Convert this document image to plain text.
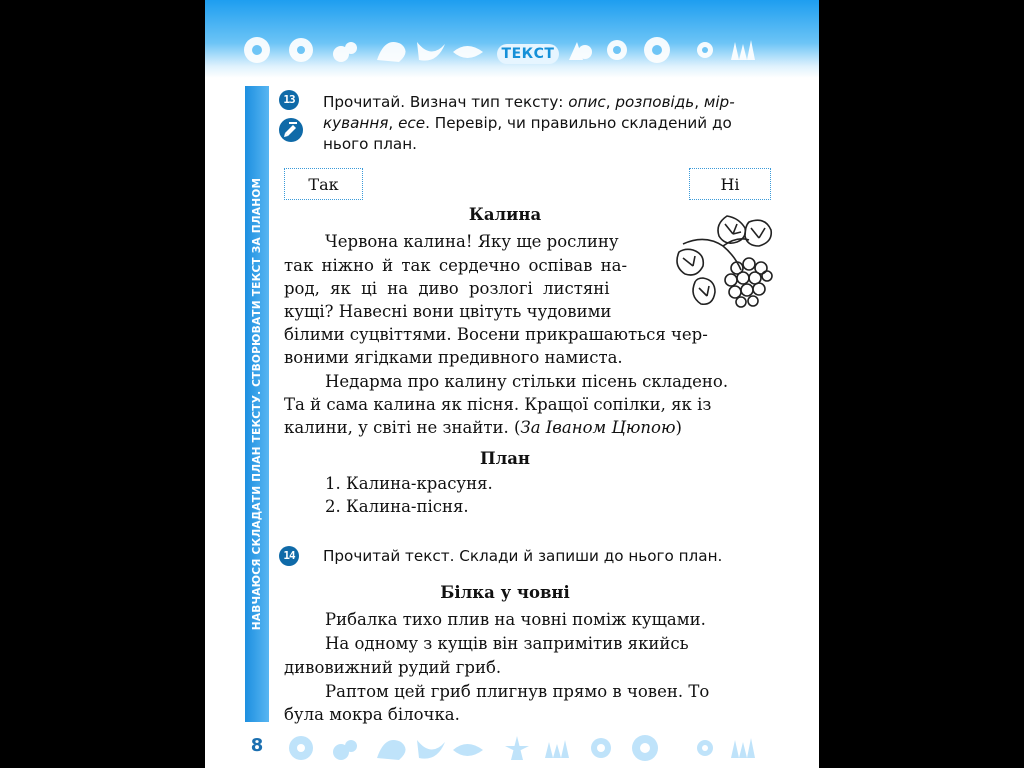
ТЕКСТ
НАВЧАЮСЯ СКЛАДАТИ ПЛАН ТЕКСТУ. СТВОРЮВАТИ ТЕКСТ ЗА ПЛАНОМ
13 Прочитай. Визнач тип тексту: опис, розповідь, мір-
кування, есе. Перевір, чи правильно складений до
нього план.
Так	Ні
Калина
Червона калина! Яку ще рослину
так ніжно й так сердечно оспівав на-
род, як ці на диво розлогі листяні
кущі? Навесні вони цвітуть чудовими
білими суцвіттями. Восени прикрашаються чер-
воними ягідками предивного намиста.
Недарма про калину стільки пісень складено.
Та й сама калина як пісня. Кращої сопілки, як із
калини, у світі не знайти. (За Іваном Цюпою)
План
1. Калина-красуня.
2. Калина-пісня.
14 Прочитай текст. Склади й запиши до нього план.
Білка у човні
Рибалка тихо плив на човні поміж кущами.
На одному з кущів він запримітив якийсь
дивовижний рудий гриб.
Раптом цей гриб плигнув прямо в човен. То
була мокра білочка.
8
